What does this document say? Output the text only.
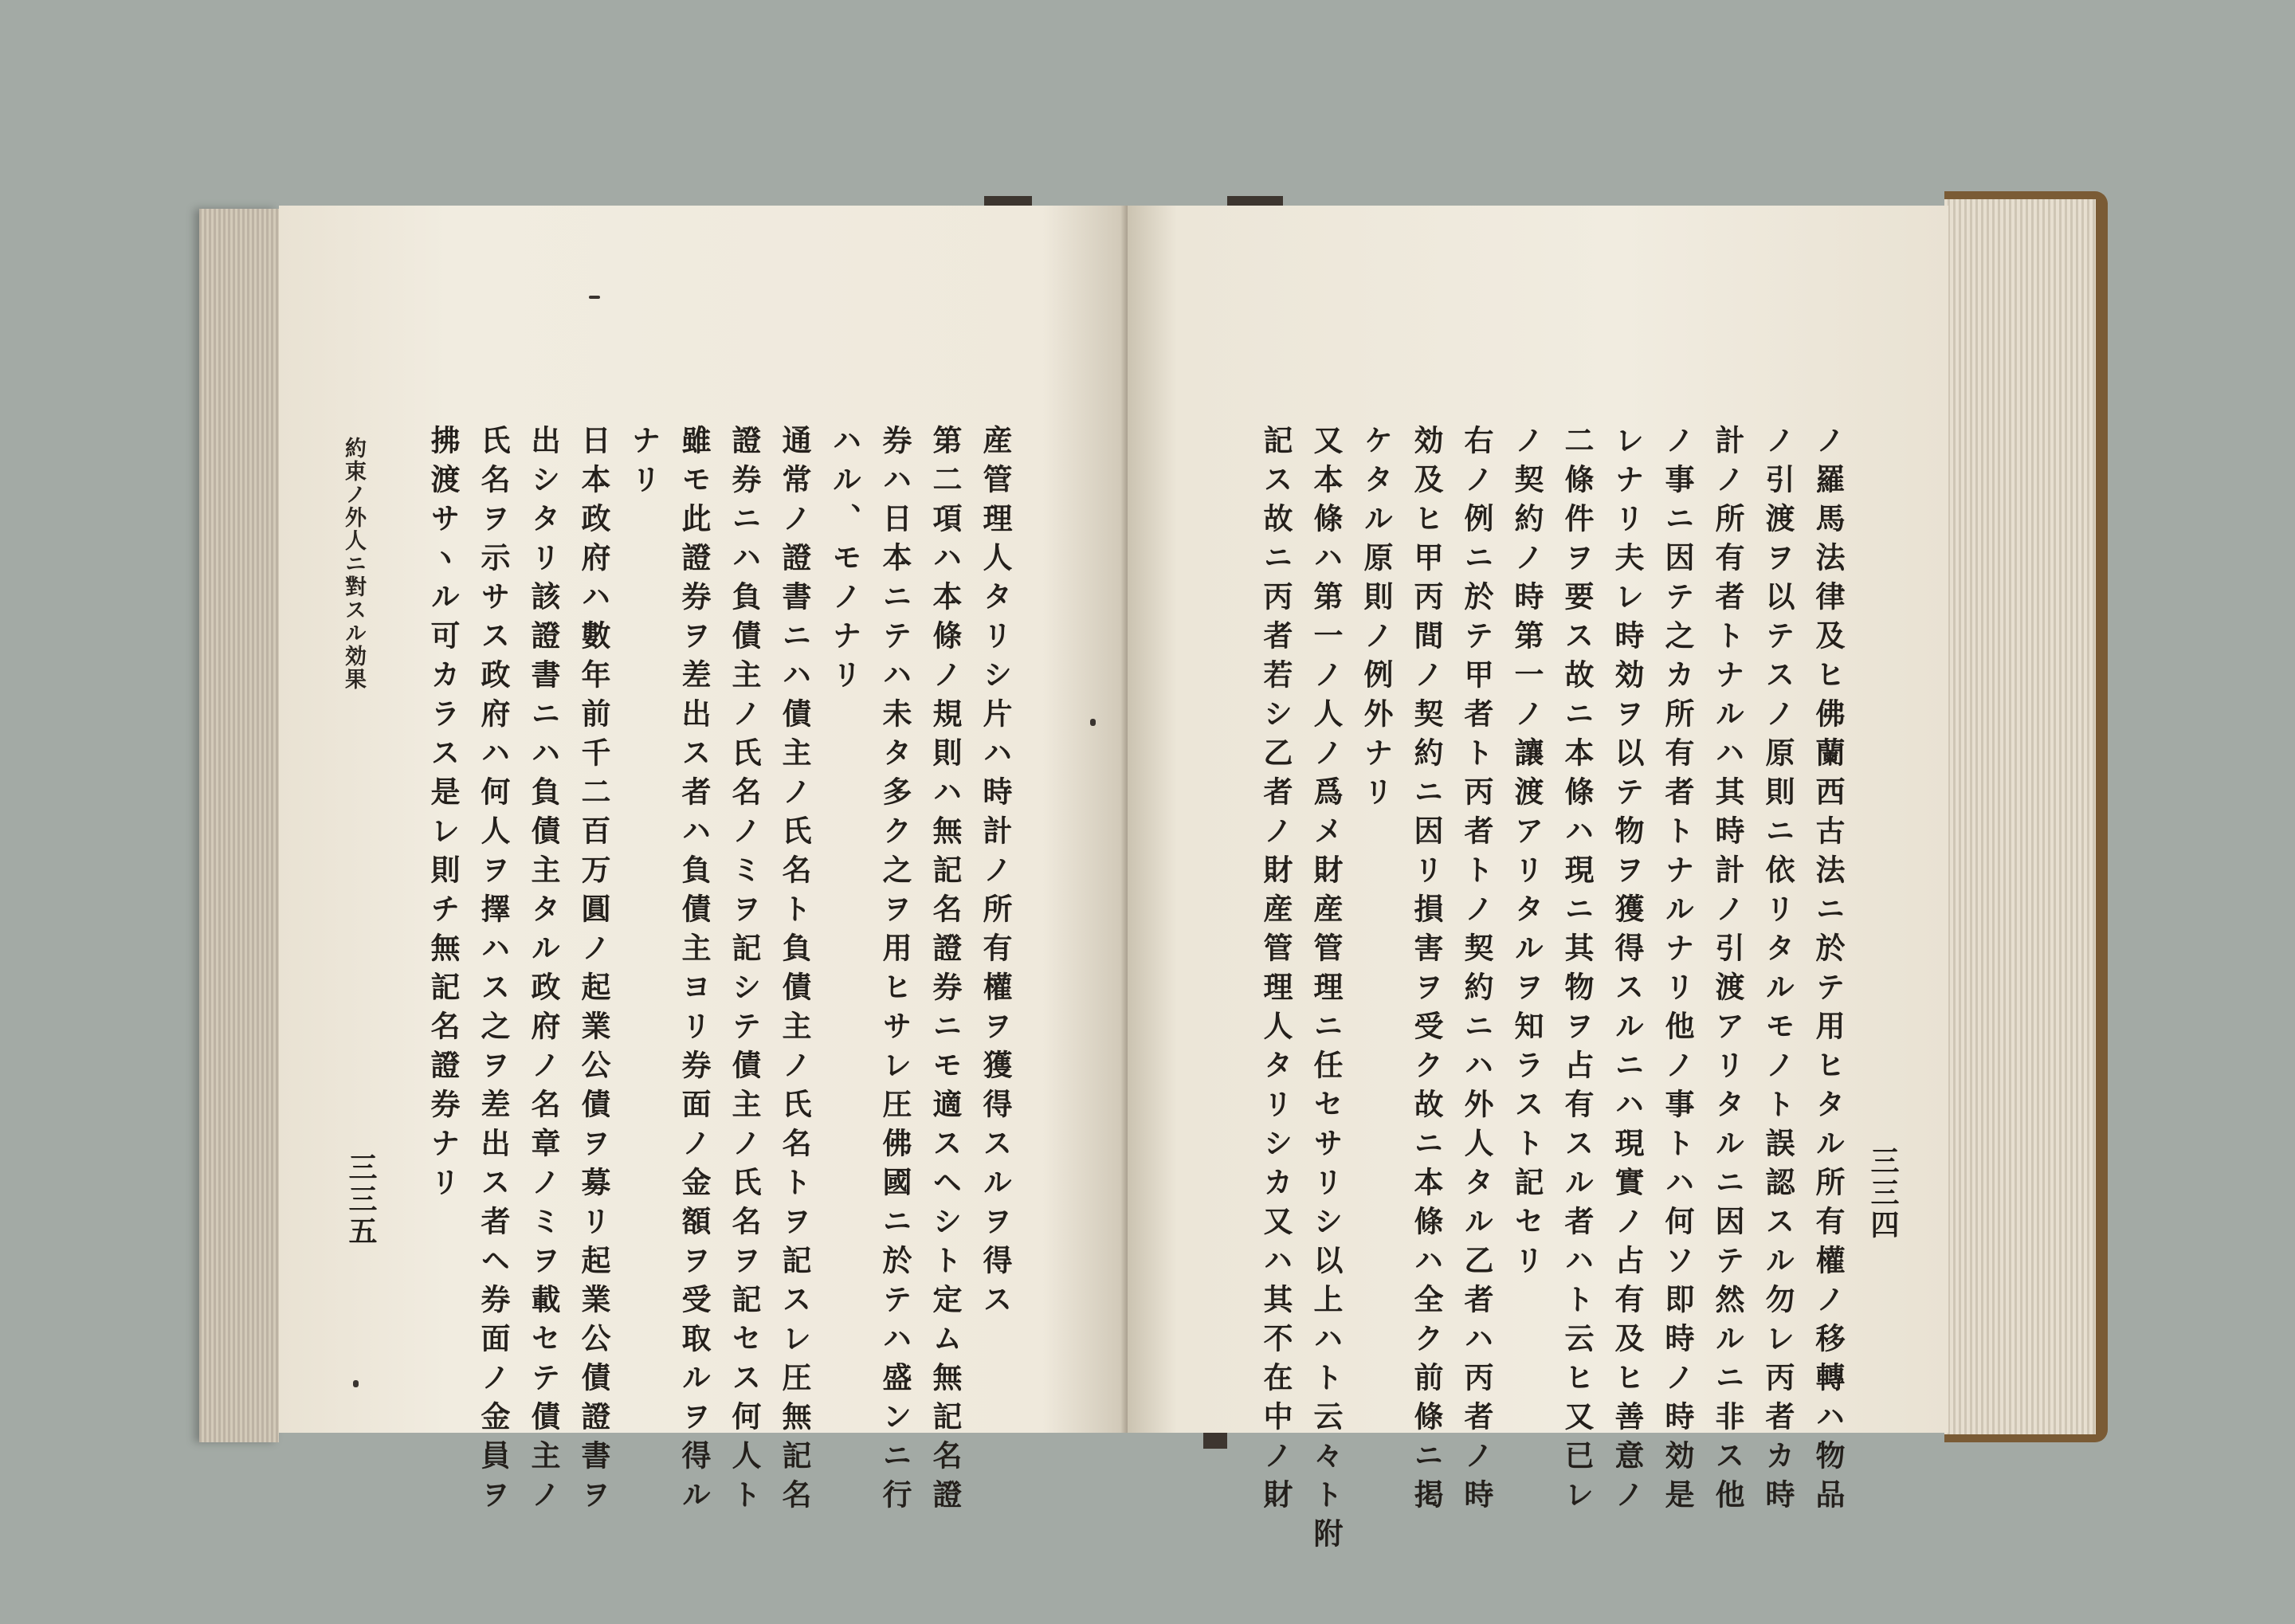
約束ノ外人ニ對スル効果	産管理人タリシ片ハ時計ノ所有權ヲ獲得スルヲ得ス
第二項ハ本條ノ規則ハ無記名證券ニモ適スヘシト定ム無記名證
券ハ日本ニテハ未タ多ク之ヲ用ヒサレ圧佛國ニ於テハ盛ンニ行
ハル、モノナリ
通常ノ證書ニハ債主ノ氏名ト負債主ノ氏名トヲ記スレ圧無記名
證券ニハ負債主ノ氏名ノミヲ記シテ債主ノ氏名ヲ記セス何人ト
雖モ此證券ヲ差出ス者ハ負債主ヨリ券面ノ金額ヲ受取ルヲ得ル
ナリ
日本政府ハ數年前千二百万圓ノ起業公債ヲ募リ起業公債證書ヲ
出シタリ該證書ニハ負債主タル政府ノ名章ノミヲ載セテ債主ノ
氏名ヲ示サス政府ハ何人ヲ擇ハス之ヲ差出ス者ヘ券面ノ金員ヲ
拂渡サヽル可カラス是レ則チ無記名證券ナリ
三三五	三三四
ノ羅馬法律及ヒ佛蘭西古法ニ於テ用ヒタル所有權ノ移轉ハ物品
ノ引渡ヲ以テスノ原則ニ依リタルモノト誤認スル勿レ丙者カ時
計ノ所有者トナルハ其時計ノ引渡アリタルニ因テ然ルニ非ス他
ノ事ニ因テ之カ所有者トナルナリ他ノ事トハ何ソ即時ノ時効是
レナリ夫レ時効ヲ以テ物ヲ獲得スルニハ現實ノ占有及ヒ善意ノ
二條件ヲ要ス故ニ本條ハ現ニ其物ヲ占有スル者ハト云ヒ又已レ
ノ契約ノ時第一ノ讓渡アリタルヲ知ラスト記セリ
右ノ例ニ於テ甲者ト丙者トノ契約ニハ外人タル乙者ハ丙者ノ時
効及ヒ甲丙間ノ契約ニ因リ損害ヲ受ク故ニ本條ハ全ク前條ニ掲
ケタル原則ノ例外ナリ
又本條ハ第一ノ人ノ爲メ財産管理ニ任セサリシ以上ハト云々ト附
記ス故ニ丙者若シ乙者ノ財産管理人タリシカ又ハ其不在中ノ財
